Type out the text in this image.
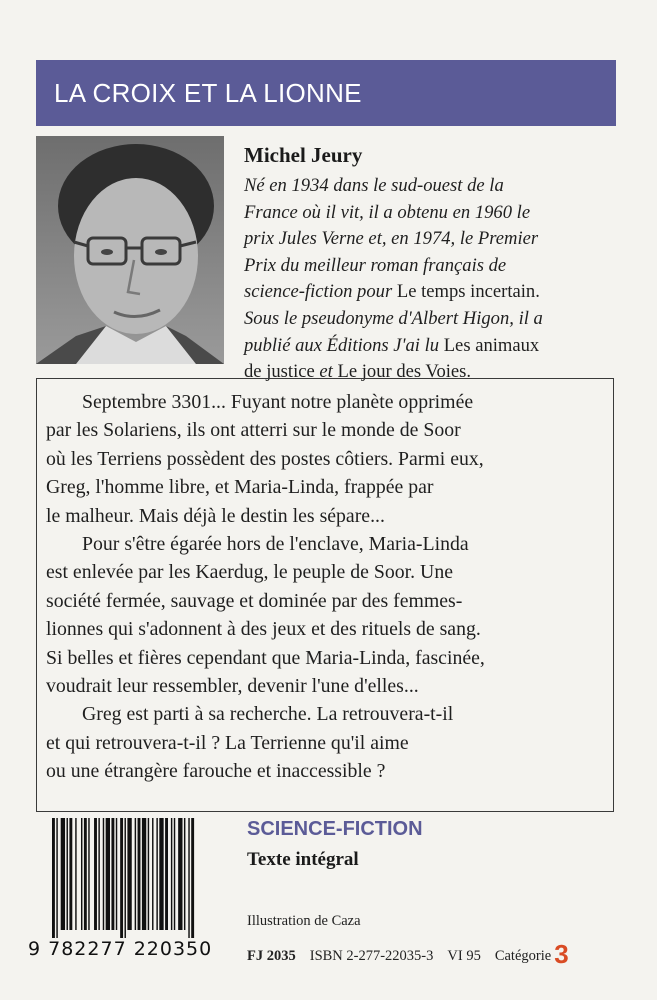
LA CROIX ET LA LIONNE
Michel Jeury
Né en 1934 dans le sud-ouest de la
France où il vit, il a obtenu en 1960 le
prix Jules Verne et, en 1974, le Premier
Prix du meilleur roman français de
science-fiction pour Le temps incertain.
Sous le pseudonyme d'Albert Higon, il a
publié aux Éditions J'ai lu Les animaux
de justice et Le jour des Voies.
Septembre 3301... Fuyant notre planète opprimée
par les Solariens, ils ont atterri sur le monde de Soor
où les Terriens possèdent des postes côtiers. Parmi eux,
Greg, l'homme libre, et Maria-Linda, frappée par
le malheur. Mais déjà le destin les sépare...
Pour s'être égarée hors de l'enclave, Maria-Linda
est enlevée par les Kaerdug, le peuple de Soor. Une
société fermée, sauvage et dominée par des femmes-
lionnes qui s'adonnent à des jeux et des rituels de sang.
Si belles et fières cependant que Maria-Linda, fascinée,
voudrait leur ressembler, devenir l'une d'elles...
Greg est parti à sa recherche. La retrouvera-t-il
et qui retrouvera-t-il ? La Terrienne qu'il aime
ou une étrangère farouche et inaccessible ?
9 782277 220350
SCIENCE-FICTION
Texte intégral
Illustration de Caza
FJ 2035 ISBN 2-277-22035-3 VI 95 Catégorie 3
